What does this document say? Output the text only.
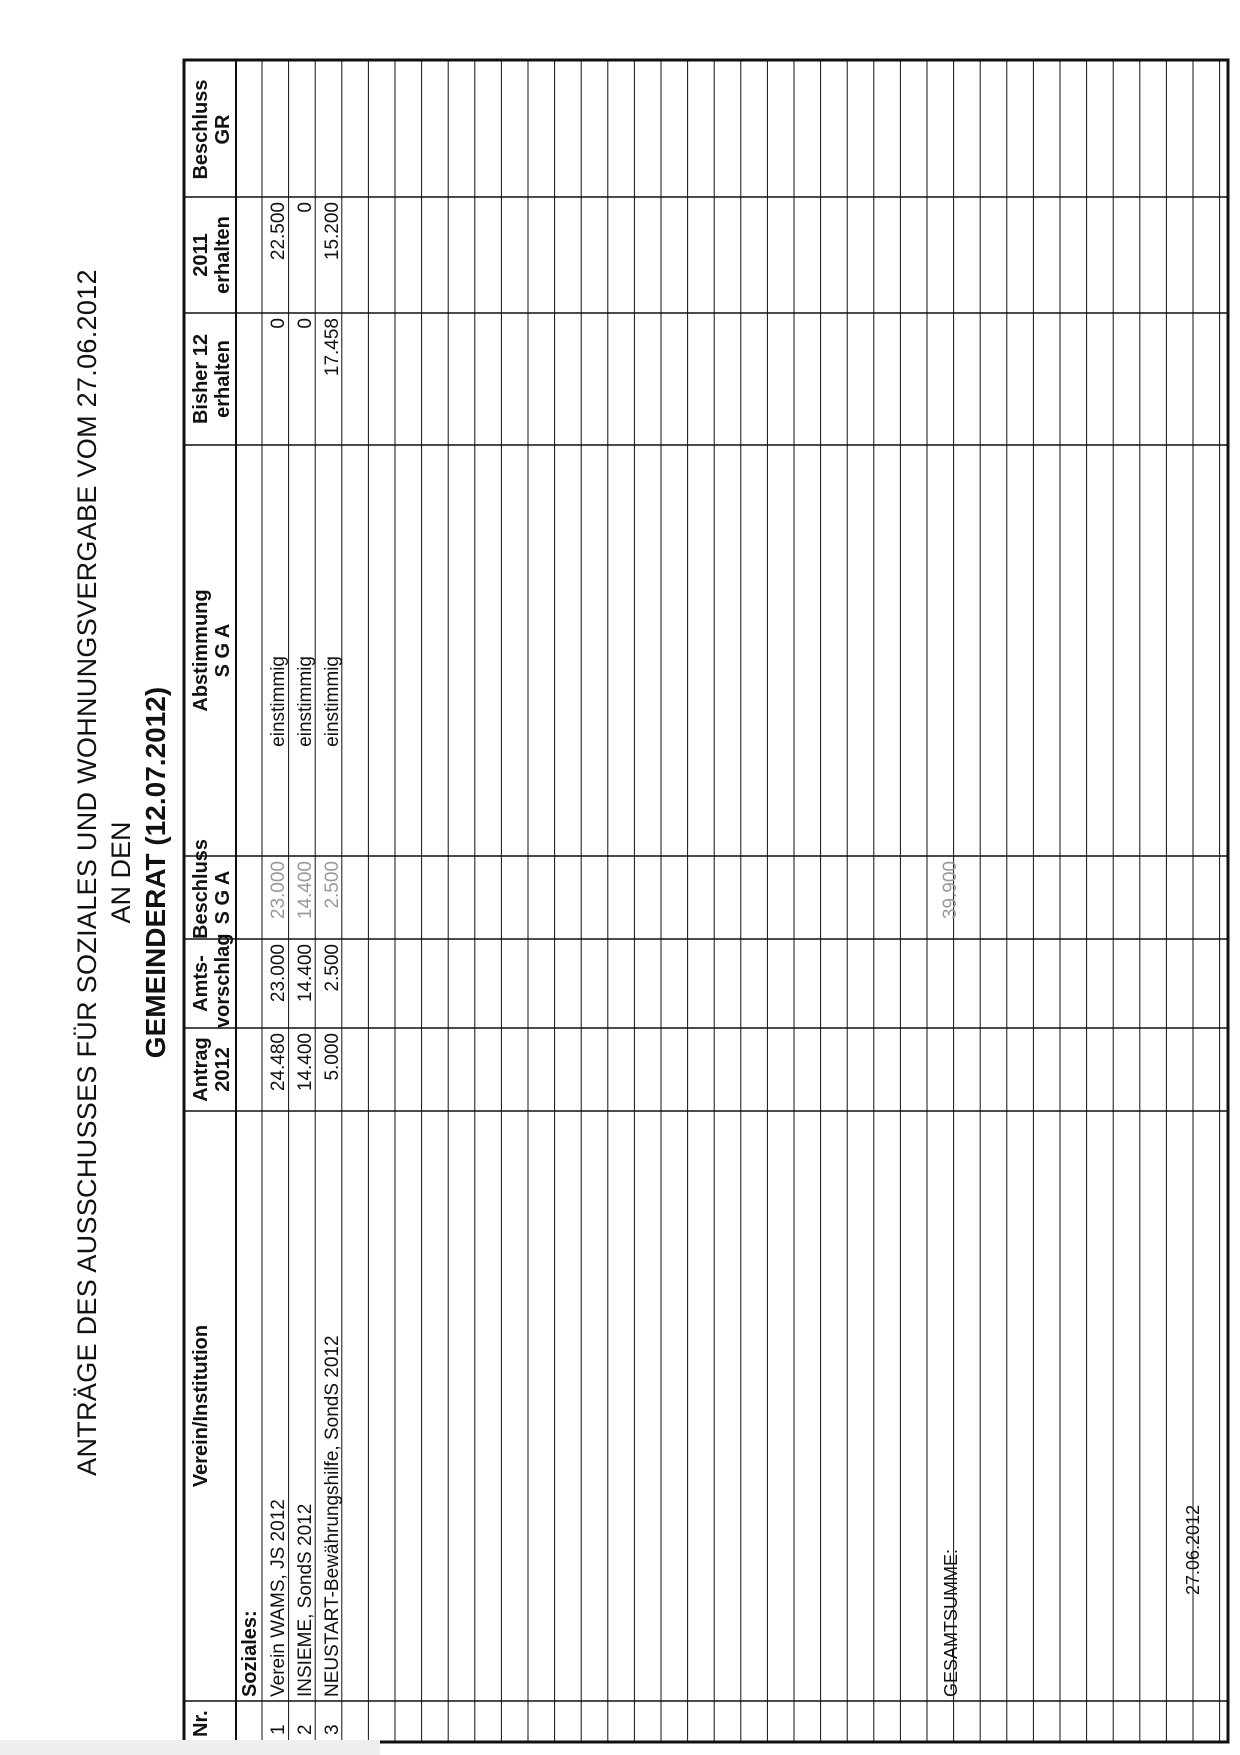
ANTRÄGE DES AUSSCHUSSES FÜR SOZIALES UND WOHNUNGSVERGABE VOM 27.06.2012 AN DEN GEMEINDERAT (12.07.2012)
Nr.
Verein/Institution
Antrag 2012
Amts- vorschlag
Beschluss S G A
Abstimmung S G A
Bisher 12 erhalten
2011 erhalten
Beschluss GR
Soziales:
1
Verein WAMS, JS 2012
24.480
23.000
23.000
einstimmig
0
22.500
2
INSIEME, SondS 2012
14.400
14.400
14.400
einstimmig
0
0
3
NEUSTART-Bewährungshilfe, SondS 2012
5.000
2.500
2.500
einstimmig
17.458
15.200
GESAMTSUMME:
39.900
27.06.2012
